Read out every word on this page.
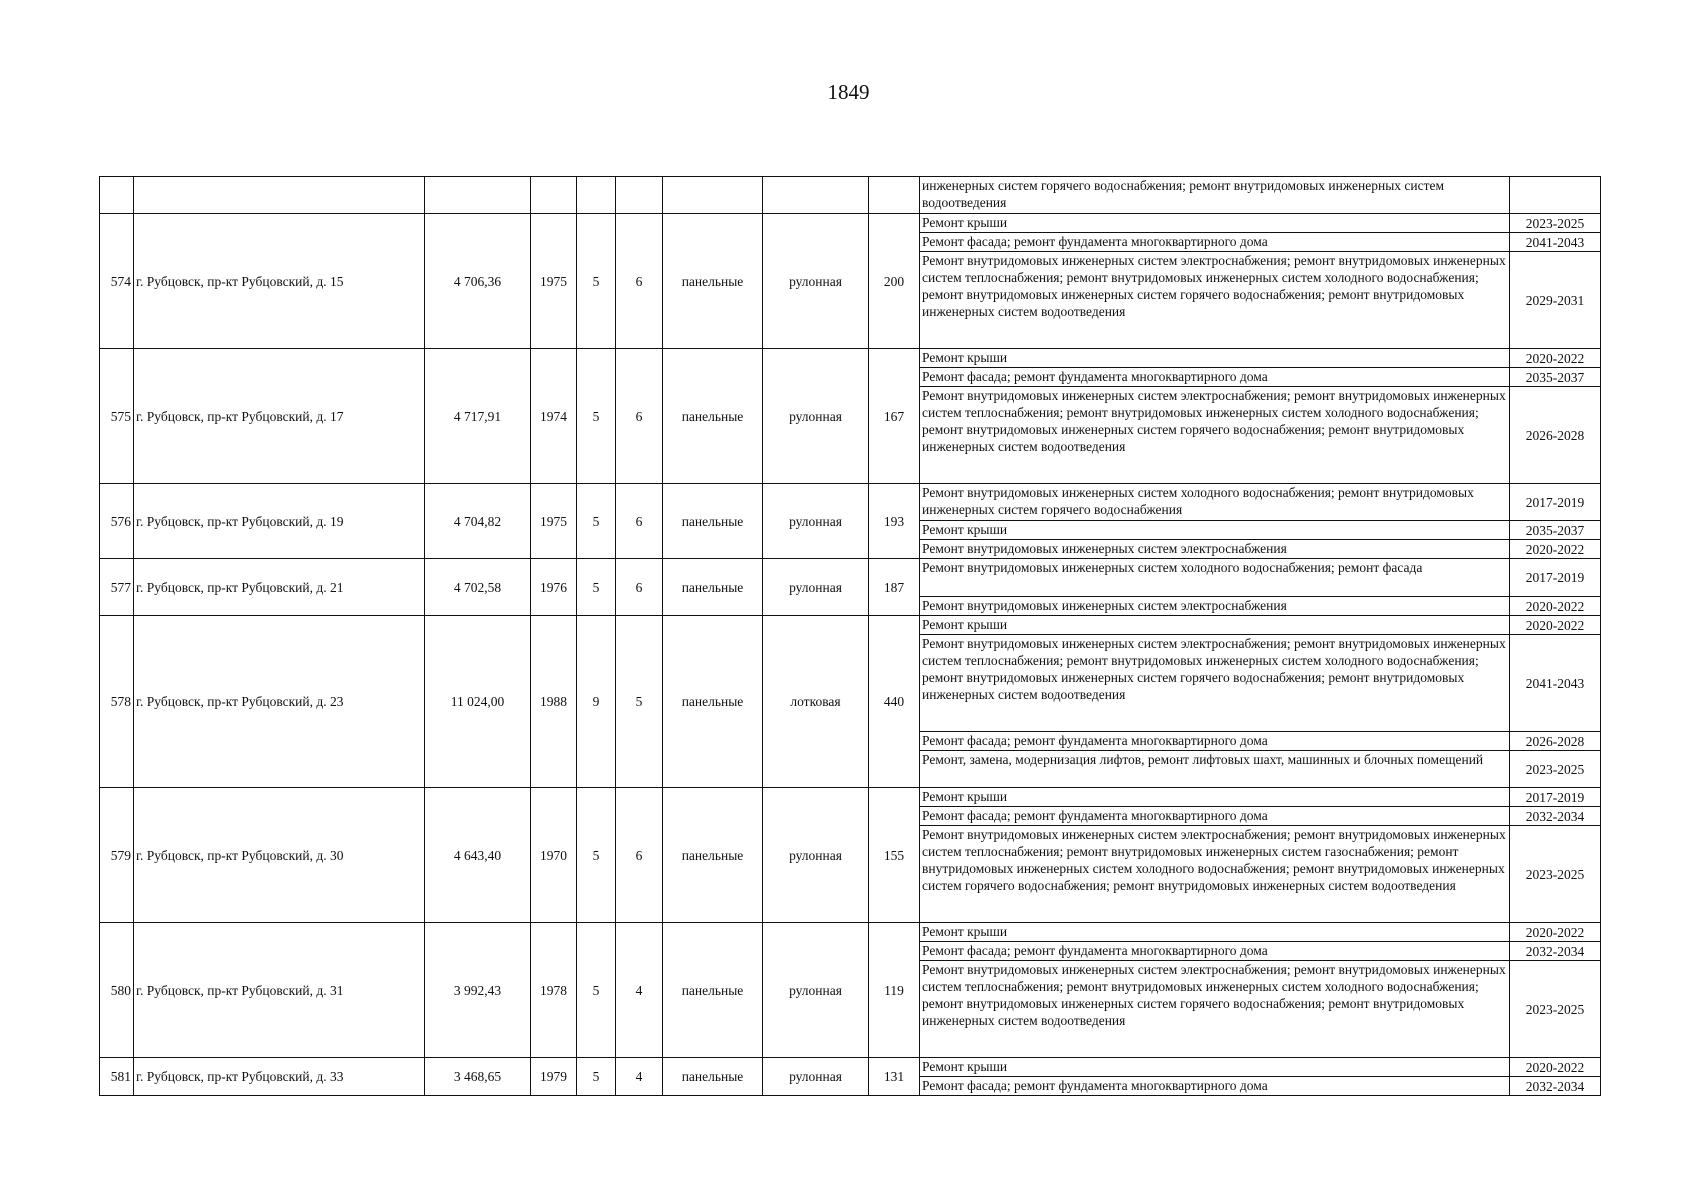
1849
									инженерных систем горячего водоснабжения; ремонт внутридомовых инженерных систем водоотведения	
574	г. Рубцовск, пр-кт Рубцовский, д. 15	4 706,36	1975	5	6	панельные	рулонная	200	Ремонт крыши	2023-2025
									Ремонт фасада; ремонт фундамента многоквартирного дома	2041-2043
									Ремонт внутридомовых инженерных систем электроснабжения; ремонт внутридомовых инженерных систем теплоснабжения; ремонт внутридомовых инженерных систем холодного водоснабжения; ремонт внутридомовых инженерных систем горячего водоснабжения; ремонт внутридомовых инженерных систем водоотведения	2029-2031
575	г. Рубцовск, пр-кт Рубцовский, д. 17	4 717,91	1974	5	6	панельные	рулонная	167	Ремонт крыши	2020-2022
									Ремонт фасада; ремонт фундамента многоквартирного дома	2035-2037
									Ремонт внутридомовых инженерных систем электроснабжения; ремонт внутридомовых инженерных систем теплоснабжения; ремонт внутридомовых инженерных систем холодного водоснабжения; ремонт внутридомовых инженерных систем горячего водоснабжения; ремонт внутридомовых инженерных систем водоотведения	2026-2028
576	г. Рубцовск, пр-кт Рубцовский, д. 19	4 704,82	1975	5	6	панельные	рулонная	193	Ремонт внутридомовых инженерных систем холодного водоснабжения; ремонт внутридомовых инженерных систем горячего водоснабжения	2017-2019
									Ремонт крыши	2035-2037
									Ремонт внутридомовых инженерных систем электроснабжения	2020-2022
577	г. Рубцовск, пр-кт Рубцовский, д. 21	4 702,58	1976	5	6	панельные	рулонная	187	Ремонт внутридомовых инженерных систем холодного водоснабжения; ремонт фасада	2017-2019
									Ремонт внутридомовых инженерных систем электроснабжения	2020-2022
578	г. Рубцовск, пр-кт Рубцовский, д. 23	11 024,00	1988	9	5	панельные	лотковая	440	Ремонт крыши	2020-2022
									Ремонт внутридомовых инженерных систем электроснабжения; ремонт внутридомовых инженерных систем теплоснабжения; ремонт внутридомовых инженерных систем холодного водоснабжения; ремонт внутридомовых инженерных систем горячего водоснабжения; ремонт внутридомовых инженерных систем водоотведения	2041-2043
									Ремонт фасада; ремонт фундамента многоквартирного дома	2026-2028
									Ремонт, замена, модернизация лифтов, ремонт лифтовых шахт, машинных и блочных помещений	2023-2025
579	г. Рубцовск, пр-кт Рубцовский, д. 30	4 643,40	1970	5	6	панельные	рулонная	155	Ремонт крыши	2017-2019
									Ремонт фасада; ремонт фундамента многоквартирного дома	2032-2034
									Ремонт внутридомовых инженерных систем электроснабжения; ремонт внутридомовых инженерных систем теплоснабжения; ремонт внутридомовых инженерных систем газоснабжения; ремонт внутридомовых инженерных систем холодного водоснабжения; ремонт внутридомовых инженерных систем горячего водоснабжения; ремонт внутридомовых инженерных систем водоотведения	2023-2025
580	г. Рубцовск, пр-кт Рубцовский, д. 31	3 992,43	1978	5	4	панельные	рулонная	119	Ремонт крыши	2020-2022
									Ремонт фасада; ремонт фундамента многоквартирного дома	2032-2034
									Ремонт внутридомовых инженерных систем электроснабжения; ремонт внутридомовых инженерных систем теплоснабжения; ремонт внутридомовых инженерных систем холодного водоснабжения; ремонт внутридомовых инженерных систем горячего водоснабжения; ремонт внутридомовых инженерных систем водоотведения	2023-2025
581	г. Рубцовск, пр-кт Рубцовский, д. 33	3 468,65	1979	5	4	панельные	рулонная	131	Ремонт крыши	2020-2022
									Ремонт фасада; ремонт фундамента многоквартирного дома	2032-2034
